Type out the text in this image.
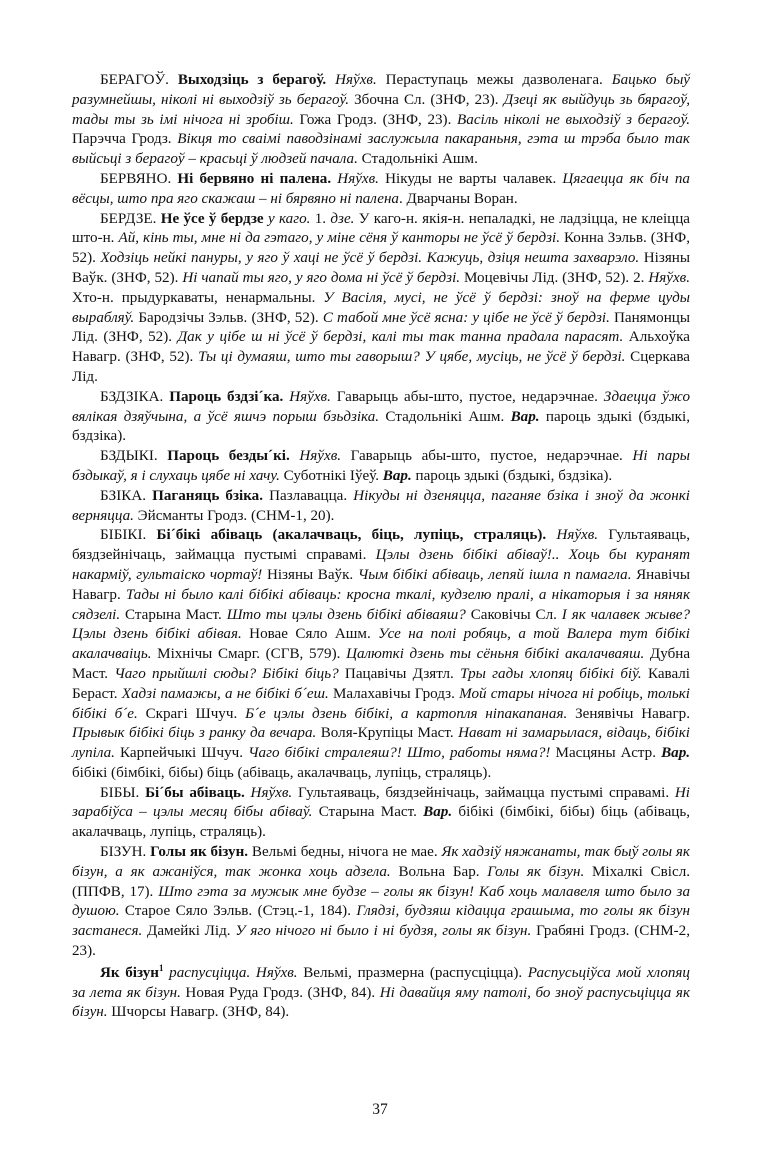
БЕРАГОЎ. Выходзіць з берагоў. Няўхв. Пераступаць межы дазволенага. Бацько быў разумнейшы, ніколі ні выходзіў зь берагоў. Збочна Сл. (ЗНФ, 23). Дзеці як выйдуць зь бярагоў, тады ты зь імі нічога ні зробіш. Гожа Гродз. (ЗНФ, 23). Васіль ніколі не выходзіў з берагоў. Парэчча Гродз. Вікця то сваімі паводзінамі заслужыла пакараньня, гэта ш трэба было так выйсьці з берагоў – красьці ў людзей пачала. Стадольнікі Ашм.

БЕРВЯНО. Ні бервяно ні палена. Няўхв. Нікуды не варты чалавек. Цягаецца як біч па вёсцы, што пра яго скажаш – ні бярвяно ні палена. Дварчаны Воран.

БЕРДЗЕ. Не ўсе ў бердзе у каго. 1. дзе. У каго-н. якія-н. непаладкі, не ладзіцца, не клеіцца што-н. Ай, кінь ты, мне ні да гэтаго, у міне сёня ў канторы не ўсё ў бердзі. Конна Зэльв. (ЗНФ, 52). Ходзіць нейкі пануры, у яго ў хаці не ўсё ў бердзі. Кажуць, дзіця нешта захварэло. Нізяны Ваўк. (ЗНФ, 52). Ні чапай ты яго, у яго дома ні ўсё ў бердзі. Моцевічы Лід. (ЗНФ, 52). 2. Няўхв. Хто-н. прыдуркаваты, ненармальны. У Васіля, мусі, не ўсё ў бердзі: зноў на ферме цуды вырабляў. Бародзічы Зэльв. (ЗНФ, 52). С табой мне ўсё ясна: у цібе не ўсё ў бердзі. Панямонцы Лід. (ЗНФ, 52). Дак у цібе ш ні ўсё ў бердзі, калі ты так танна прадала парасят. Альхоўка Навагр. (ЗНФ, 52). Ты ці думаяш, што ты гаворыш? У цябе, мусіць, не ўсё ў бердзі. Сцеркава Лід.

БЗДЗІКА. Пароць бздзі´ка. Няўхв. Гаварыць абы-што, пустое, недарэчнае. Здаецца ўжо вялікая дзяўчына, а ўсё яшчэ порыш бзьдзіка. Стадольнікі Ашм. Вар. пароць здыкі (бздыкі, бздзіка).

БЗДЫКІ. Пароць безды´кі. Няўхв. Гаварыць абы-што, пустое, недарэчнае. Ні пары бздыкаў, я і слухаць цябе ні хачу. Суботнікі Іўеў. Вар. пароць здыкі (бздыкі, бздзіка).

БЗІКА. Паганяць бзіка. Пазлавацца. Нікуды ні дзеняцца, паганяе бзіка і зноў да жонкі верняцца. Эйсманты Гродз. (СНМ-1, 20).

БІБІКІ. Бі´бікі абіваць (акалачваць, біць, лупіць, страляць). Няўхв. Гультаяваць, бяздзейнічаць, займацца пустымі справамі. Цэлы дзень бібікі абіваў!.. Хоць бы куранят накарміў, гультаіско чортаў! Нізяны Ваўк. Чым бібікі абіваць, лепяй ішла п памагла. Янавічы Навагр. Тады ні было калі бібікі абіваць: кросна ткалі, кудзелю пралі, а нікаторыя і за няняк сядзелі. Старына Маст. Што ты цэлы дзень бібікі абіваяш? Саковічы Сл. І як чалавек жыве? Цэлы дзень бібікі абівая. Новае Сяло Ашм. Усе на полі робяць, а той Валера тут бібікі акалачваіць. Міхнічы Смарг. (СГВ, 579). Цалюткі дзень ты сёньня бібікі акалачваяш. Дубна Маст. Чаго прыйшлі сюды? Бібікі біць? Пацавічы Дзятл. Тры гады хлопяц бібікі біў. Кавалі Бераст. Хадзі памажы, а не бібікі б´еш. Малахавічы Гродз. Мой стары нічога ні робіць, толькі бібікі б´е. Скрагі Шчуч. Б´е цэлы дзень бібікі, а картопля ніпакапаная. Зенявічы Навагр. Прывык бібікі біць з ранку да вечара. Воля-Крупіцы Маст. Нават ні замарылася, відаць, бібікі лупіла. Карпейчыкі Шчуч. Чаго бібікі стралеяш?! Што, работы няма?! Масцяны Астр. Вар. бібікі (бімбікі, бібы) біць (абіваць, акалачваць, лупіць, страляць).

БІБЫ. Бі´бы абіваць. Няўхв. Гультаяваць, бяздзейнічаць, займацца пустымі справамі. Ні зарабіўса – цэлы месяц бібы абіваў. Старына Маст. Вар. бібікі (бімбікі, бібы) біць (абіваць, акалачваць, лупіць, страляць).

БІЗУН. Голы як бізун. Вельмі бедны, нічога не мае. Як хадзіў няжанаты, так быў голы як бізун, а як ажаніўся, так жонка хоць адзела. Вольна Бар. Голы як бізун. Міхалкі Свісл. (ППФВ, 17). Што гэта за мужык мне будзе – голы як бізун! Каб хоць малавеля што было за душою. Старое Сяло Зэльв. (Стэц.-1, 184). Глядзі, будзяш кідацца грашыма, то голы як бізун застанеся. Дамейкі Лід. У яго нічого ні было і ні будзя, голы як бізун. Грабяні Гродз. (СНМ-2, 23).

Як бізун$^1$ распусціцца. Няўхв. Вельмі, празмерна (распусціцца). Распусьціўса мой хлопяц за лета як бізун. Новая Руда Гродз. (ЗНФ, 84). Ні давайця яму патолі, бо зноў распусьціцца як бізун. Шчорсы Навагр. (ЗНФ, 84).

37
